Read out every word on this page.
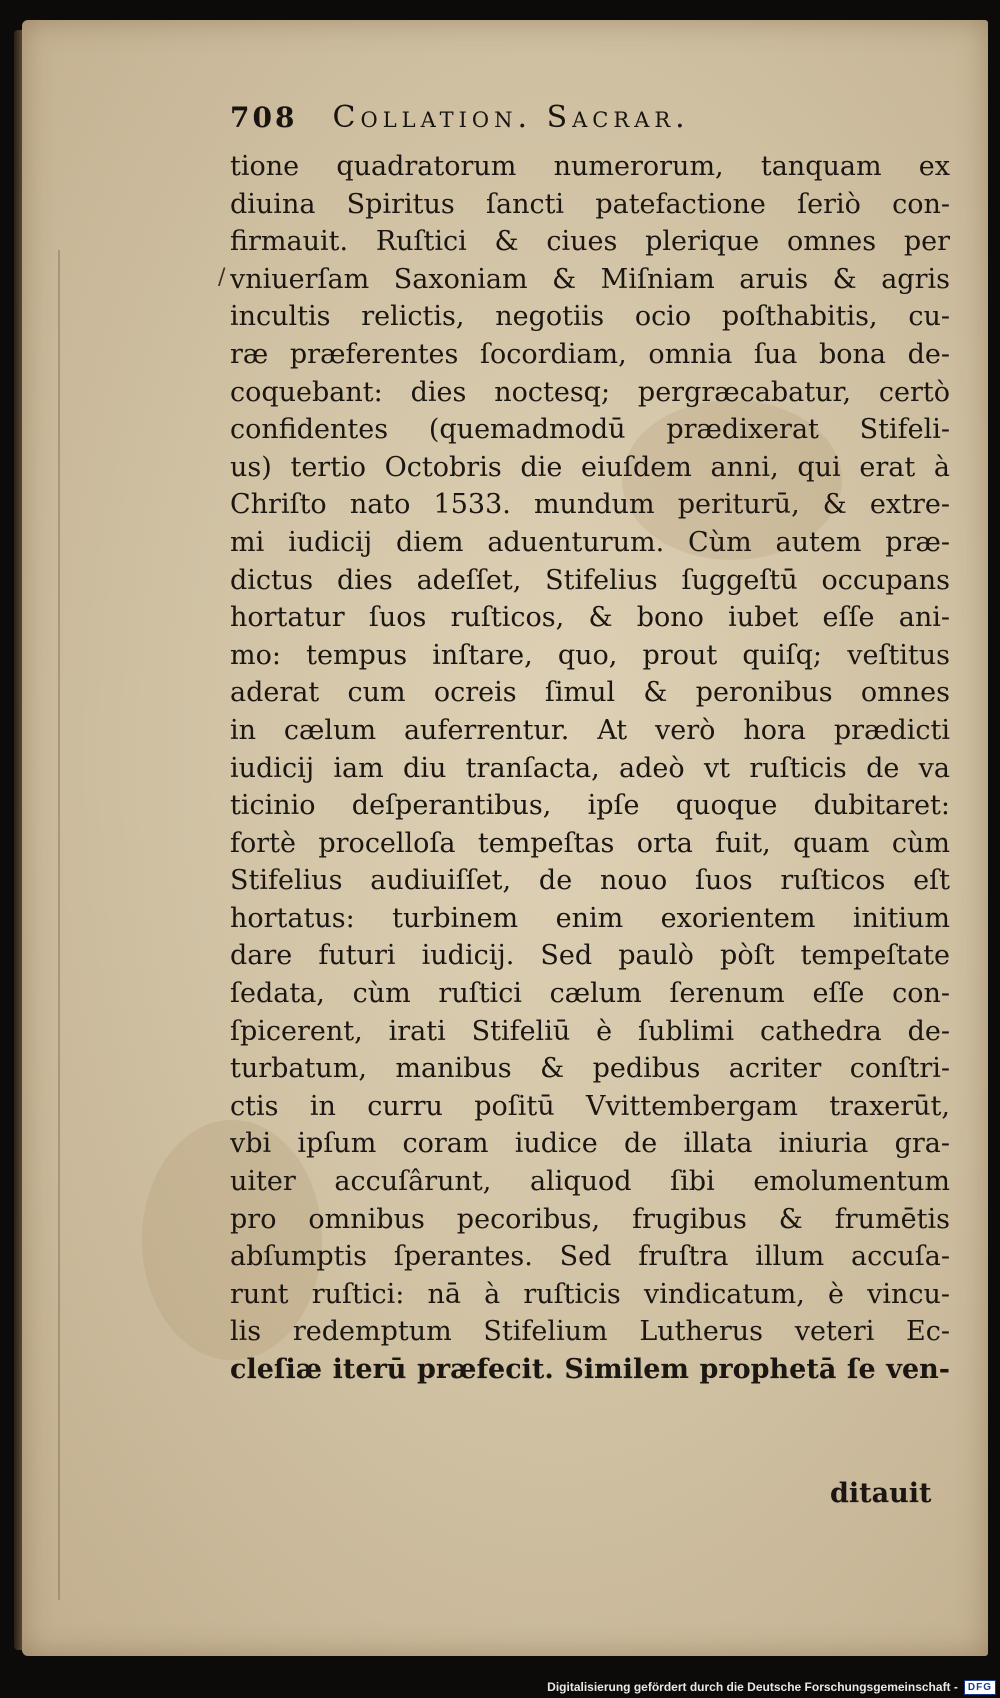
708 Collation. Sacrar.
/
tione quadratorum numerorum, tanquam ex
diuina Spiritus ſancti patefactione ſeriò con-
firmauit. Ruſtici & ciues plerique omnes per
vniuerſam Saxoniam & Miſniam aruis & agris
incultis relictis, negotiis ocio poſthabitis, cu-
ræ præferentes ſocordiam, omnia ſua bona de-
coquebant: dies noctesq; pergræcabatur, certò
confidentes (quemadmodū prædixerat Stifeli-
us) tertio Octobris die eiuſdem anni, qui erat à
Chriſto nato 1533. mundum periturū, & extre-
mi iudicij diem aduenturum. Cùm autem præ-
dictus dies adeſſet, Stifelius ſuggeſtū occupans
hortatur ſuos ruſticos, & bono iubet eſſe ani-
mo: tempus inſtare, quo, prout quiſq; veſtitus
aderat cum ocreis ſimul & peronibus omnes
in cælum auferrentur. At verò hora prædicti
iudicij iam diu tranſacta, adeò vt ruſticis de va
ticinio deſperantibus, ipſe quoque dubitaret:
fortè procelloſa tempeſtas orta fuit, quam cùm
Stifelius audiuiſſet, de nouo ſuos ruſticos eſt
hortatus: turbinem enim exorientem initium
dare futuri iudicij. Sed paulò pòſt tempeſtate
ſedata, cùm ruſtici cælum ſerenum eſſe con-
ſpicerent, irati Stifeliū è ſublimi cathedra de-
turbatum, manibus & pedibus acriter conſtri-
ctis in curru poſitū Vvittembergam traxerūt,
vbi ipſum coram iudice de illata iniuria gra-
uiter accuſârunt, aliquod ſibi emolumentum
pro omnibus pecoribus, frugibus & frumētis
abſumptis ſperantes. Sed fruſtra illum accuſa-
runt ruſtici: nā à ruſticis vindicatum, è vincu-
lis redemptum Stifelium Lutherus veteri Ec-
cleſiæ iterū præfecit. Similem prophetā ſe ven-
ditauit
Digitalisierung gefördert durch die Deutsche Forschungsgemeinschaft -	DFG
